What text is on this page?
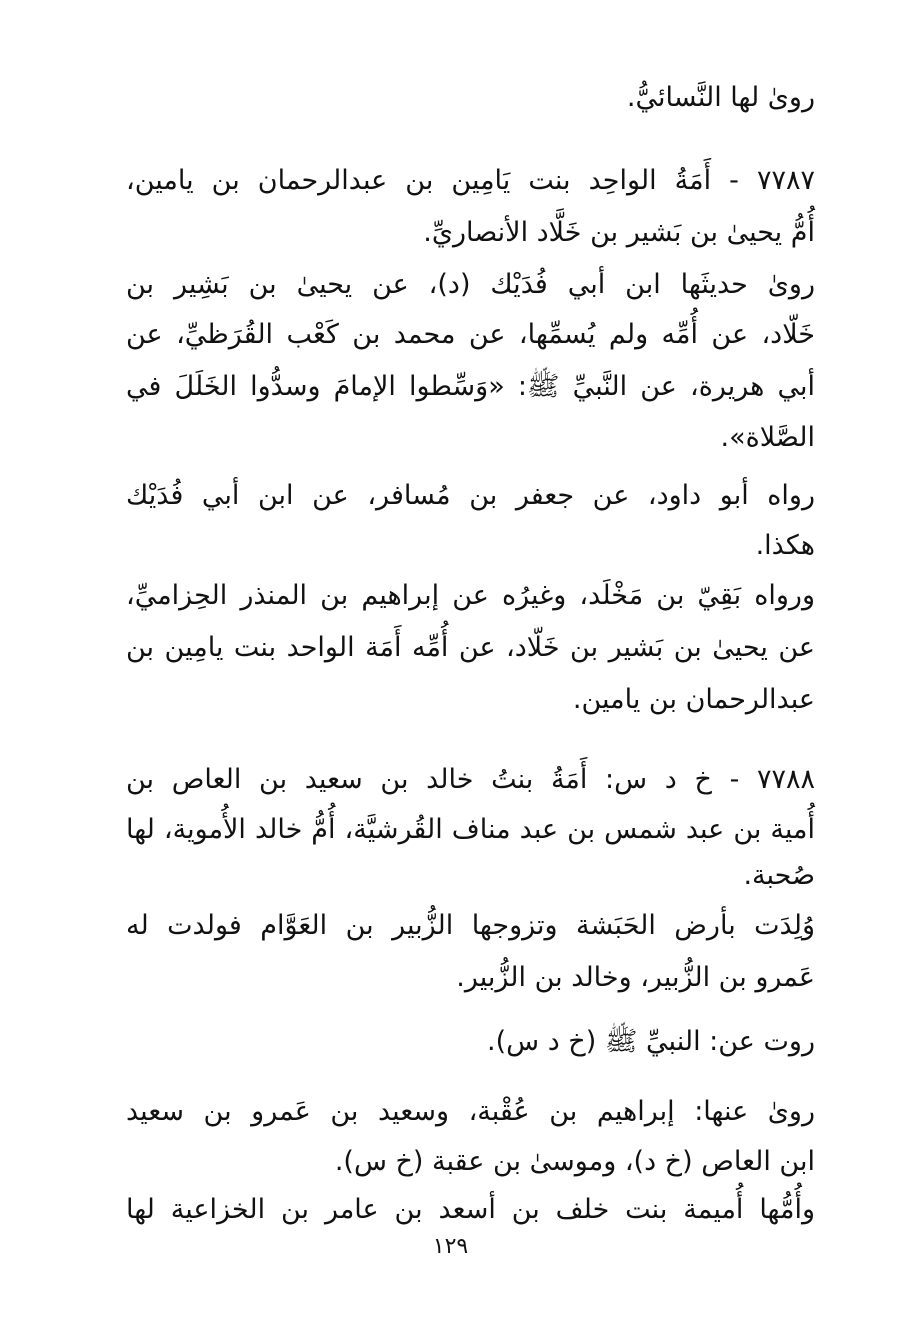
رویٰ لها النَّسائيُّ.
٧٧٨٧ - أَمَةُ الواحِد بنت يَامِين بن عبدالرحمان بن يامين،
أُمُّ يحيىٰ بن بَشير بن خَلَّاد الأنصاريِّ.
رویٰ حديثَها ابن أبي فُدَيْك (د)، عن يحيىٰ بن بَشِير بن
خَلّاد، عن أُمِّه ولم يُسمِّها، عن محمد بن كَعْب القُرَظيِّ، عن
أبي هريرة، عن النَّبيِّ ﷺ: «وَسِّطوا الإمامَ وسدُّوا الخَلَلَ في
الصَّلاة».
رواه أبو داود، عن جعفر بن مُسافر، عن ابن أبي فُدَيْك
هكذا.
ورواه بَقِيّ بن مَخْلَد، وغيرُه عن إبراهيم بن المنذر الحِزاميِّ،
عن يحيىٰ بن بَشير بن خَلّاد، عن أُمِّه أَمَة الواحد بنت يامِين بن
عبدالرحمان بن يامين.
٧٧٨٨ - خ د س: أَمَةُ بنتُ خالد بن سعيد بن العاص بن
أُمية بن عبد شمس بن عبد مناف القُرشيَّة، أُمُّ خالد الأُموية، لها
صُحبة.
وُلِدَت بأرض الحَبَشة وتزوجها الزُّبير بن العَوَّام فولدت له
عَمرو بن الزُّبير، وخالد بن الزُّبير.
روت عن: النبيِّ ﷺ (خ د س).
رویٰ عنها: إبراهيم بن عُقْبة، وسعيد بن عَمرو بن سعيد
ابن العاص (خ د)، وموسیٰ بن عقبة (خ س).
وأُمُّها أُميمة بنت خلف بن أسعد بن عامر بن الخزاعية لها
١٢٩
